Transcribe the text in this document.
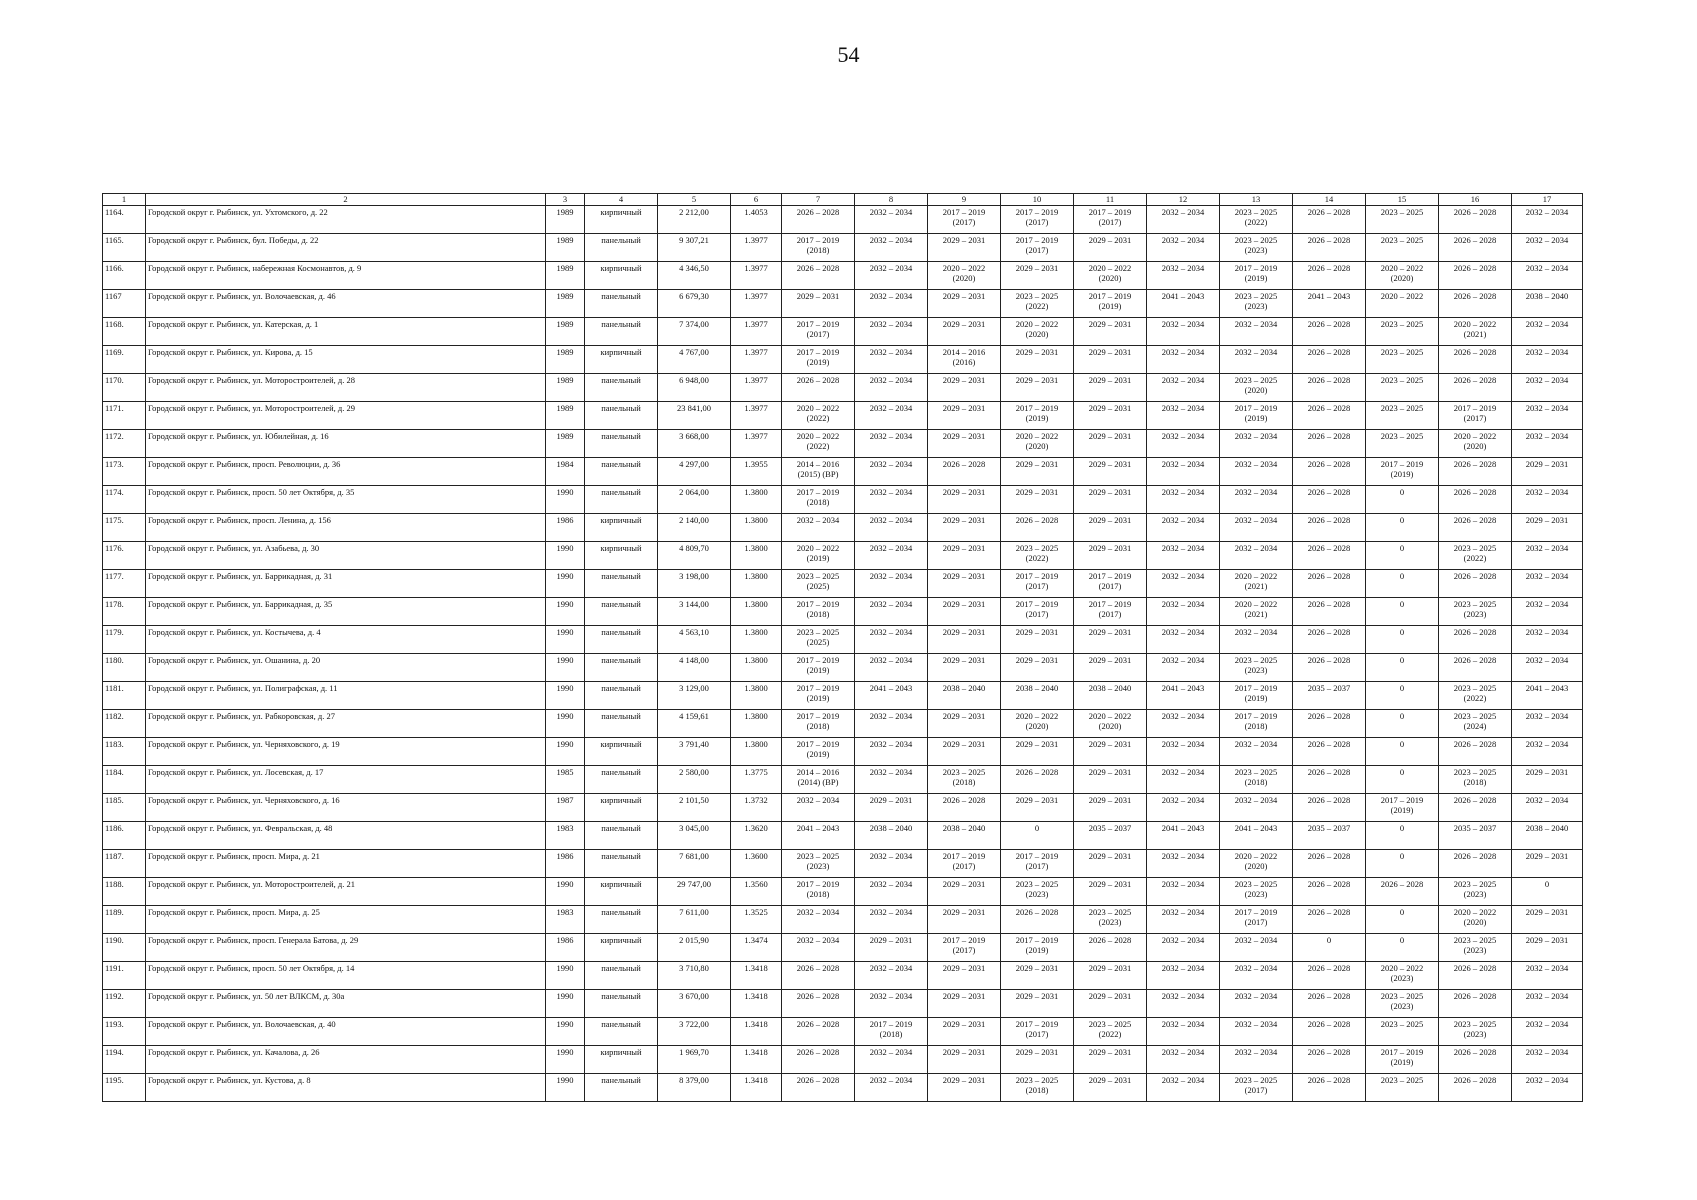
54
1	2	3	4	5	6	7	8	9	10	11	12	13	14	15	16	17

1164.	Городской округ г. Рыбинск, ул. Ухтомского, д. 22	1989	кирпичный	2 212,00	1.4053	2026 – 2028	2032 – 2034	2017 – 2019
(2017)	2017 – 2019
(2017)	2017 – 2019
(2017)	2032 – 2034	2023 – 2025
(2022)	2026 – 2028	2023 – 2025	2026 – 2028	2032 – 2034

1165.	Городской округ г. Рыбинск, бул. Победы, д. 22	1989	панельный	9 307,21	1.3977	2017 – 2019
(2018)	2032 – 2034	2029 – 2031	2017 – 2019
(2017)	2029 – 2031	2032 – 2034	2023 – 2025
(2023)	2026 – 2028	2023 – 2025	2026 – 2028	2032 – 2034

1166.	Городской округ г. Рыбинск, набережная Космонавтов, д. 9	1989	кирпичный	4 346,50	1.3977	2026 – 2028	2032 – 2034	2020 – 2022
(2020)	2029 – 2031	2020 – 2022
(2020)	2032 – 2034	2017 – 2019
(2019)	2026 – 2028	2020 – 2022
(2020)	2026 – 2028	2032 – 2034

1167	Городской округ г. Рыбинск, ул. Волочаевская, д. 46	1989	панельный	6 679,30	1.3977	2029 – 2031	2032 – 2034	2029 – 2031	2023 – 2025
(2022)	2017 – 2019
(2019)	2041 – 2043	2023 – 2025
(2023)	2041 – 2043	2020 – 2022	2026 – 2028	2038 – 2040

1168.	Городской округ г. Рыбинск, ул. Катерская, д. 1	1989	панельный	7 374,00	1.3977	2017 – 2019
(2017)	2032 – 2034	2029 – 2031	2020 – 2022
(2020)	2029 – 2031	2032 – 2034	2032 – 2034	2026 – 2028	2023 – 2025	2020 – 2022
(2021)	2032 – 2034

1169.	Городской округ г. Рыбинск, ул. Кирова, д. 15	1989	кирпичный	4 767,00	1.3977	2017 – 2019
(2019)	2032 – 2034	2014 – 2016
(2016)	2029 – 2031	2029 – 2031	2032 – 2034	2032 – 2034	2026 – 2028	2023 – 2025	2026 – 2028	2032 – 2034

1170.	Городской округ г. Рыбинск, ул. Моторостроителей, д. 28	1989	панельный	6 948,00	1.3977	2026 – 2028	2032 – 2034	2029 – 2031	2029 – 2031	2029 – 2031	2032 – 2034	2023 – 2025
(2020)	2026 – 2028	2023 – 2025	2026 – 2028	2032 – 2034

1171.	Городской округ г. Рыбинск, ул. Моторостроителей, д. 29	1989	панельный	23 841,00	1.3977	2020 – 2022
(2022)	2032 – 2034	2029 – 2031	2017 – 2019
(2019)	2029 – 2031	2032 – 2034	2017 – 2019
(2019)	2026 – 2028	2023 – 2025	2017 – 2019
(2017)	2032 – 2034

1172.	Городской округ г. Рыбинск, ул. Юбилейная, д. 16	1989	панельный	3 668,00	1.3977	2020 – 2022
(2022)	2032 – 2034	2029 – 2031	2020 – 2022
(2020)	2029 – 2031	2032 – 2034	2032 – 2034	2026 – 2028	2023 – 2025	2020 – 2022
(2020)	2032 – 2034

1173.	Городской округ г. Рыбинск, просп. Революции, д. 36	1984	панельный	4 297,00	1.3955	2014 – 2016
(2015) (ВР)	2032 – 2034	2026 – 2028	2029 – 2031	2029 – 2031	2032 – 2034	2032 – 2034	2026 – 2028	2017 – 2019
(2019)	2026 – 2028	2029 – 2031

1174.	Городской округ г. Рыбинск, просп. 50 лет Октября, д. 35	1990	панельный	2 064,00	1.3800	2017 – 2019
(2018)	2032 – 2034	2029 – 2031	2029 – 2031	2029 – 2031	2032 – 2034	2032 – 2034	2026 – 2028	0	2026 – 2028	2032 – 2034

1175.	Городской округ г. Рыбинск, просп. Ленина, д. 156	1986	кирпичный	2 140,00	1.3800	2032 – 2034	2032 – 2034	2029 – 2031	2026 – 2028	2029 – 2031	2032 – 2034	2032 – 2034	2026 – 2028	0	2026 – 2028	2029 – 2031

1176.	Городской округ г. Рыбинск, ул. Азабьева, д. 30	1990	кирпичный	4 809,70	1.3800	2020 – 2022
(2019)	2032 – 2034	2029 – 2031	2023 – 2025
(2022)	2029 – 2031	2032 – 2034	2032 – 2034	2026 – 2028	0	2023 – 2025
(2022)	2032 – 2034

1177.	Городской округ г. Рыбинск, ул. Баррикадная, д. 31	1990	панельный	3 198,00	1.3800	2023 – 2025
(2025)	2032 – 2034	2029 – 2031	2017 – 2019
(2017)	2017 – 2019
(2017)	2032 – 2034	2020 – 2022
(2021)	2026 – 2028	0	2026 – 2028	2032 – 2034

1178.	Городской округ г. Рыбинск, ул. Баррикадная, д. 35	1990	панельный	3 144,00	1.3800	2017 – 2019
(2018)	2032 – 2034	2029 – 2031	2017 – 2019
(2017)	2017 – 2019
(2017)	2032 – 2034	2020 – 2022
(2021)	2026 – 2028	0	2023 – 2025
(2023)	2032 – 2034

1179.	Городской округ г. Рыбинск, ул. Костычева, д. 4	1990	панельный	4 563,10	1.3800	2023 – 2025
(2025)	2032 – 2034	2029 – 2031	2029 – 2031	2029 – 2031	2032 – 2034	2032 – 2034	2026 – 2028	0	2026 – 2028	2032 – 2034

1180.	Городской округ г. Рыбинск, ул. Ошанина, д. 20	1990	панельный	4 148,00	1.3800	2017 – 2019
(2019)	2032 – 2034	2029 – 2031	2029 – 2031	2029 – 2031	2032 – 2034	2023 – 2025
(2023)	2026 – 2028	0	2026 – 2028	2032 – 2034

1181.	Городской округ г. Рыбинск, ул. Полиграфская, д. 11	1990	панельный	3 129,00	1.3800	2017 – 2019
(2019)	2041 – 2043	2038 – 2040	2038 – 2040	2038 – 2040	2041 – 2043	2017 – 2019
(2019)	2035 – 2037	0	2023 – 2025
(2022)	2041 – 2043

1182.	Городской округ г. Рыбинск, ул. Рабкоровская, д. 27	1990	панельный	4 159,61	1.3800	2017 – 2019
(2018)	2032 – 2034	2029 – 2031	2020 – 2022
(2020)	2020 – 2022
(2020)	2032 – 2034	2017 – 2019
(2018)	2026 – 2028	0	2023 – 2025
(2024)	2032 – 2034

1183.	Городской округ г. Рыбинск, ул. Черняховского, д. 19	1990	кирпичный	3 791,40	1.3800	2017 – 2019
(2019)	2032 – 2034	2029 – 2031	2029 – 2031	2029 – 2031	2032 – 2034	2032 – 2034	2026 – 2028	0	2026 – 2028	2032 – 2034

1184.	Городской округ г. Рыбинск, ул. Лосевская, д. 17	1985	панельный	2 580,00	1.3775	2014 – 2016
(2014) (ВР)	2032 – 2034	2023 – 2025
(2018)	2026 – 2028	2029 – 2031	2032 – 2034	2023 – 2025
(2018)	2026 – 2028	0	2023 – 2025
(2018)	2029 – 2031

1185.	Городской округ г. Рыбинск, ул. Черняховского, д. 16	1987	кирпичный	2 101,50	1.3732	2032 – 2034	2029 – 2031	2026 – 2028	2029 – 2031	2029 – 2031	2032 – 2034	2032 – 2034	2026 – 2028	2017 – 2019
(2019)	2026 – 2028	2032 – 2034

1186.	Городской округ г. Рыбинск, ул. Февральская, д. 48	1983	панельный	3 045,00	1.3620	2041 – 2043	2038 – 2040	2038 – 2040	0	2035 – 2037	2041 – 2043	2041 – 2043	2035 – 2037	0	2035 – 2037	2038 – 2040

1187.	Городской округ г. Рыбинск, просп. Мира, д. 21	1986	панельный	7 681,00	1.3600	2023 – 2025
(2023)	2032 – 2034	2017 – 2019
(2017)	2017 – 2019
(2017)	2029 – 2031	2032 – 2034	2020 – 2022
(2020)	2026 – 2028	0	2026 – 2028	2029 – 2031

1188.	Городской округ г. Рыбинск, ул. Моторостроителей, д. 21	1990	кирпичный	29 747,00	1.3560	2017 – 2019
(2018)	2032 – 2034	2029 – 2031	2023 – 2025
(2023)	2029 – 2031	2032 – 2034	2023 – 2025
(2023)	2026 – 2028	2026 – 2028	2023 – 2025
(2023)	0

1189.	Городской округ г. Рыбинск, просп. Мира, д. 25	1983	панельный	7 611,00	1.3525	2032 – 2034	2032 – 2034	2029 – 2031	2026 – 2028	2023 – 2025
(2023)	2032 – 2034	2017 – 2019
(2017)	2026 – 2028	0	2020 – 2022
(2020)	2029 – 2031

1190.	Городской округ г. Рыбинск, просп. Генерала Батова, д. 29	1986	кирпичный	2 015,90	1.3474	2032 – 2034	2029 – 2031	2017 – 2019
(2017)	2017 – 2019
(2019)	2026 – 2028	2032 – 2034	2032 – 2034	0	0	2023 – 2025
(2023)	2029 – 2031

1191.	Городской округ г. Рыбинск, просп. 50 лет Октября, д. 14	1990	панельный	3 710,80	1.3418	2026 – 2028	2032 – 2034	2029 – 2031	2029 – 2031	2029 – 2031	2032 – 2034	2032 – 2034	2026 – 2028	2020 – 2022
(2023)	2026 – 2028	2032 – 2034

1192.	Городской округ г. Рыбинск, ул. 50 лет ВЛКСМ, д. 30а	1990	панельный	3 670,00	1.3418	2026 – 2028	2032 – 2034	2029 – 2031	2029 – 2031	2029 – 2031	2032 – 2034	2032 – 2034	2026 – 2028	2023 – 2025
(2023)	2026 – 2028	2032 – 2034

1193.	Городской округ г. Рыбинск, ул. Волочаевская, д. 40	1990	панельный	3 722,00	1.3418	2026 – 2028	2017 – 2019
(2018)	2029 – 2031	2017 – 2019
(2017)	2023 – 2025
(2022)	2032 – 2034	2032 – 2034	2026 – 2028	2023 – 2025	2023 – 2025
(2023)	2032 – 2034

1194.	Городской округ г. Рыбинск, ул. Качалова, д. 26	1990	кирпичный	1 969,70	1.3418	2026 – 2028	2032 – 2034	2029 – 2031	2029 – 2031	2029 – 2031	2032 – 2034	2032 – 2034	2026 – 2028	2017 – 2019
(2019)	2026 – 2028	2032 – 2034

1195.	Городской округ г. Рыбинск, ул. Кустова, д. 8	1990	панельный	8 379,00	1.3418	2026 – 2028	2032 – 2034	2029 – 2031	2023 – 2025
(2018)	2029 – 2031	2032 – 2034	2023 – 2025
(2017)	2026 – 2028	2023 – 2025	2026 – 2028	2032 – 2034
